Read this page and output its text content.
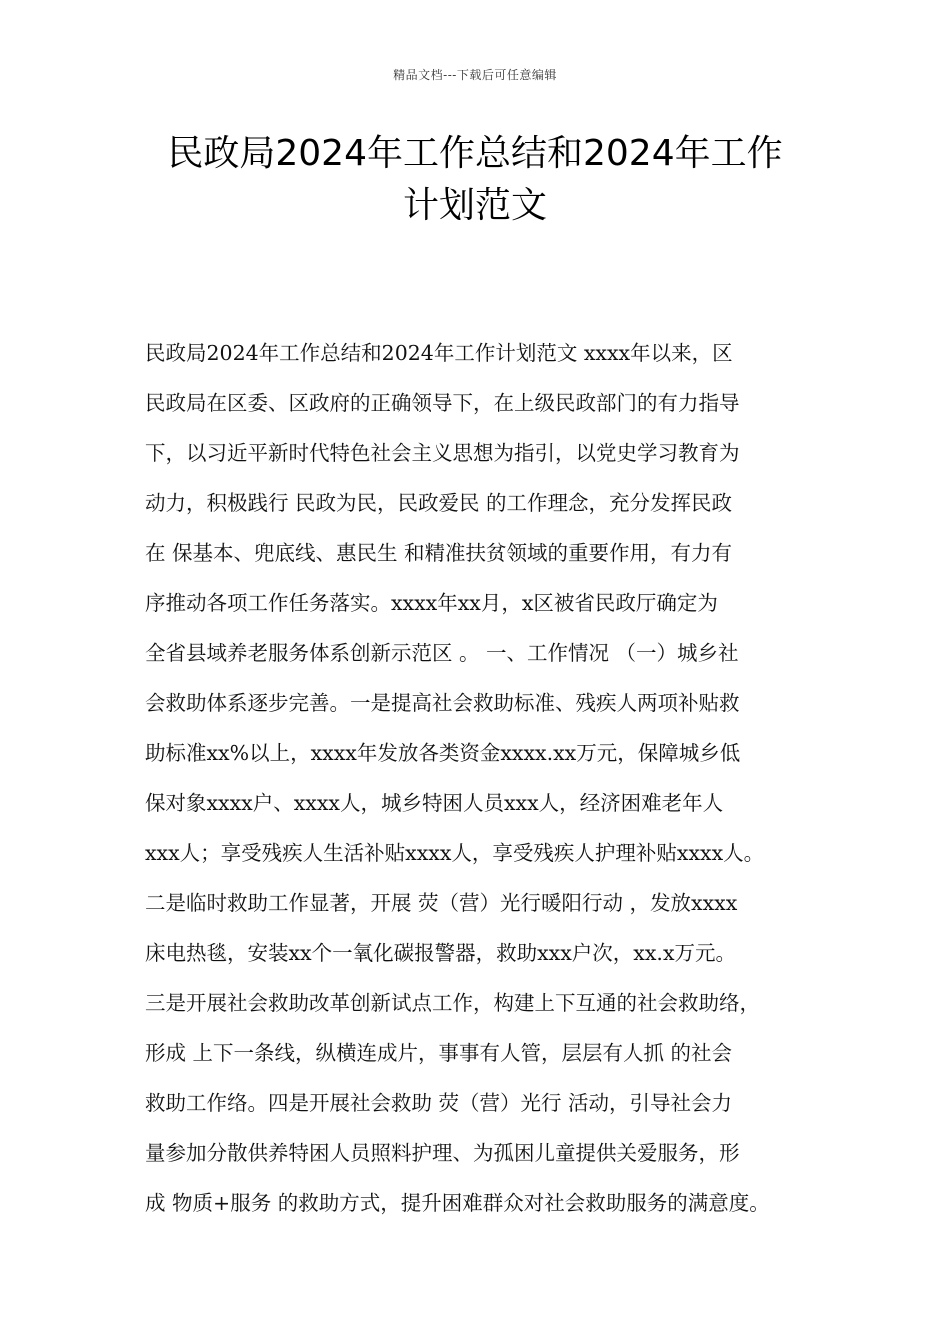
精品文档---下载后可任意编辑
民政局2024年工作总结和2024年工作
计划范文
民政局2024年工作总结和2024年工作计划范文 xxxx年以来，区
民政局在区委、区政府的正确领导下，在上级民政部门的有力指导
下，以习近平新时代特色社会主义思想为指引，以党史学习教育为
动力，积极践行 民政为民，民政爱民 的工作理念，充分发挥民政
在 保基本、兜底线、惠民生 和精准扶贫领域的重要作用，有力有
序推动各项工作任务落实。xxxx年xx月，x区被省民政厅确定为
全省县域养老服务体系创新示范区 。 一、工作情况 （一）城乡社
会救助体系逐步完善。一是提高社会救助标准、残疾人两项补贴救
助标准xx%以上，xxxx年发放各类资金xxxx.xx万元，保障城乡低
保对象xxxx户、xxxx人，城乡特困人员xxx人，经济困难老年人
xxx人；享受残疾人生活补贴xxxx人，享受残疾人护理补贴xxxx人。
二是临时救助工作显著，开展 荧（营）光行暖阳行动 ，发放xxxx
床电热毯，安装xx个一氧化碳报警器，救助xxx户次，xx.x万元。
三是开展社会救助改革创新试点工作，构建上下互通的社会救助络，
形成 上下一条线，纵横连成片，事事有人管，层层有人抓 的社会
救助工作络。四是开展社会救助 荧（营）光行 活动，引导社会力
量参加分散供养特困人员照料护理、为孤困儿童提供关爱服务，形
成 物质+服务 的救助方式，提升困难群众对社会救助服务的满意度。
